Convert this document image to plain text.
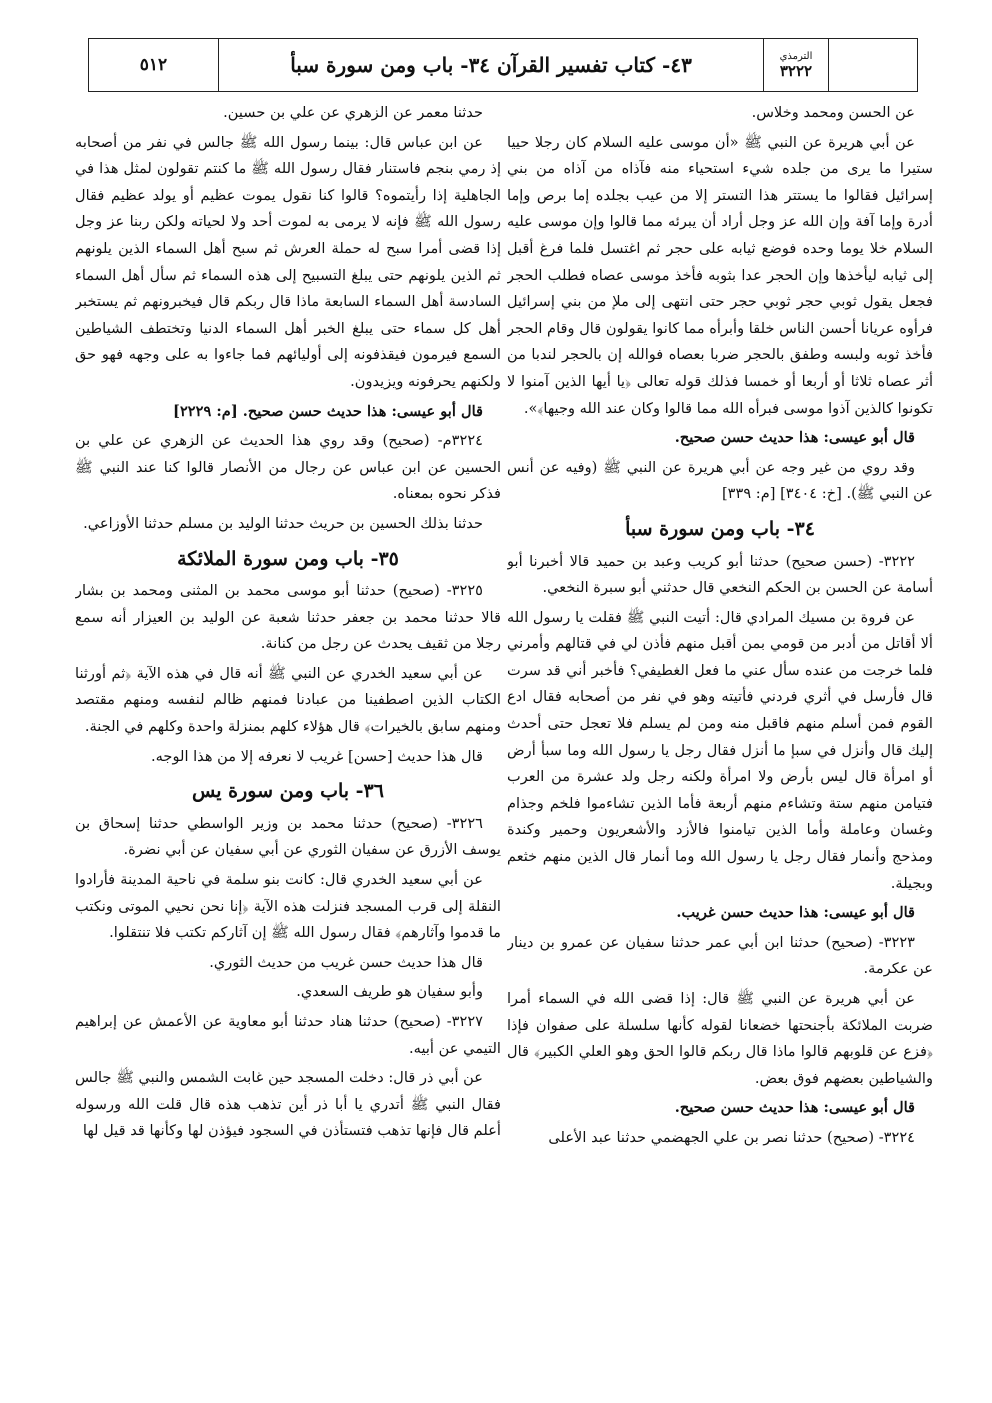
٥١٢	٤٣- كتاب تفسير القرآن ٣٤- باب ومن سورة سبأ	الترمذي
٣٢٢٢

عن الحسن ومحمد وخلاس.

عن أبي هريرة عن النبي ﷺ «أن موسى عليه السلام كان رجلا حييا ستيرا ما يرى من جلده شيء استحياء منه فآذاه من آذاه من بني إسرائيل فقالوا ما يستتر هذا التستر إلا من عيب بجلده إما برص وإما أدرة وإما آفة وإن الله عز وجل أراد أن يبرئه مما قالوا وإن موسى عليه السلام خلا يوما وحده فوضع ثيابه على حجر ثم اغتسل فلما فرغ أقبل إلى ثيابه ليأخذها وإن الحجر عدا بثوبه فأخذ موسى عصاه فطلب الحجر فجعل يقول ثوبي حجر ثوبي حجر حتى انتهى إلى ملإ من بني إسرائيل فرأوه عريانا أحسن الناس خلقا وأبرأه مما كانوا يقولون قال وقام الحجر فأخذ ثوبه ولبسه وطفق بالحجر ضربا بعصاه فوالله إن بالحجر لندبا من أثر عصاه ثلاثا أو أربعا أو خمسا فذلك قوله تعالى ﴿يا أيها الذين آمنوا لا تكونوا كالذين آذوا موسى فبرأه الله مما قالوا وكان عند الله وجيها﴾».

قال أبو عيسى: هذا حديث حسن صحيح.

وقد روي من غير وجه عن أبي هريرة عن النبي ﷺ (وفيه عن أنس عن النبي ﷺ). [خ: ٣٤٠٤] [م: ٣٣٩]

٣٤- باب ومن سورة سبأ

٣٢٢٢- (حسن صحيح) حدثنا أبو كريب وعبد بن حميد قالا أخبرنا أبو أسامة عن الحسن بن الحكم النخعي قال حدثني أبو سبرة النخعي.

عن فروة بن مسيك المرادي قال: أتيت النبي ﷺ فقلت يا رسول الله ألا أقاتل من أدبر من قومي بمن أقبل منهم فأذن لي في قتالهم وأمرني فلما خرجت من عنده سأل عني ما فعل الغطيفي؟ فأخبر أني قد سرت قال فأرسل في أثري فردني فأتيته وهو في نفر من أصحابه فقال ادع القوم فمن أسلم منهم فاقبل منه ومن لم يسلم فلا تعجل حتى أحدث إليك قال وأنزل في سبإ ما أنزل فقال رجل يا رسول الله وما سبأ أرض أو امرأة قال ليس بأرض ولا امرأة ولكنه رجل ولد عشرة من العرب فتيامن منهم ستة وتشاءم منهم أربعة فأما الذين تشاءموا فلخم وجذام وغسان وعاملة وأما الذين تيامنوا فالأزد والأشعريون وحمير وكندة ومذحج وأنمار فقال رجل يا رسول الله وما أنمار قال الذين منهم خثعم وبجيلة.

قال أبو عيسى: هذا حديث حسن غريب.

٣٢٢٣- (صحيح) حدثنا ابن أبي عمر حدثنا سفيان عن عمرو بن دينار عن عكرمة.

عن أبي هريرة عن النبي ﷺ قال: إذا قضى الله في السماء أمرا ضربت الملائكة بأجنحتها خضعانا لقوله كأنها سلسلة على صفوان فإذا ﴿فزع عن قلوبهم قالوا ماذا قال ربكم قالوا الحق وهو العلي الكبير﴾ قال والشياطين بعضهم فوق بعض.

قال أبو عيسى: هذا حديث حسن صحيح.

٣٢٢٤- (صحيح) حدثنا نصر بن علي الجهضمي حدثنا عبد الأعلى

حدثنا معمر عن الزهري عن علي بن حسين.

عن ابن عباس قال: بينما رسول الله ﷺ جالس في نفر من أصحابه إذ رمي بنجم فاستنار فقال رسول الله ﷺ ما كنتم تقولون لمثل هذا في الجاهلية إذا رأيتموه؟ قالوا كنا نقول يموت عظيم أو يولد عظيم فقال رسول الله ﷺ فإنه لا يرمى به لموت أحد ولا لحياته ولكن ربنا عز وجل إذا قضى أمرا سبح له حملة العرش ثم سبح أهل السماء الذين يلونهم ثم الذين يلونهم حتى يبلغ التسبيح إلى هذه السماء ثم سأل أهل السماء السادسة أهل السماء السابعة ماذا قال ربكم قال فيخبرونهم ثم يستخبر أهل كل سماء حتى يبلغ الخبر أهل السماء الدنيا وتختطف الشياطين السمع فيرمون فيقذفونه إلى أوليائهم فما جاءوا به على وجهه فهو حق ولكنهم يحرفونه ويزيدون.

قال أبو عيسى: هذا حديث حسن صحيح. [م: ٢٢٢٩]

٣٢٢٤م- (صحيح) وقد روي هذا الحديث عن الزهري عن علي بن الحسين عن ابن عباس عن رجال من الأنصار قالوا كنا عند النبي ﷺ فذكر نحوه بمعناه.

حدثنا بذلك الحسين بن حريث حدثنا الوليد بن مسلم حدثنا الأوزاعي.

٣٥- باب ومن سورة الملائكة

٣٢٢٥- (صحيح) حدثنا أبو موسى محمد بن المثنى ومحمد بن بشار قالا حدثنا محمد بن جعفر حدثنا شعبة عن الوليد بن العيزار أنه سمع رجلا من ثقيف يحدث عن رجل من كنانة.

عن أبي سعيد الخدري عن النبي ﷺ أنه قال في هذه الآية ﴿ثم أورثنا الكتاب الذين اصطفينا من عبادنا فمنهم ظالم لنفسه ومنهم مقتصد ومنهم سابق بالخيرات﴾ قال هؤلاء كلهم بمنزلة واحدة وكلهم في الجنة.

قال هذا حديث [حسن] غريب لا نعرفه إلا من هذا الوجه.

٣٦- باب ومن سورة يس

٣٢٢٦- (صحيح) حدثنا محمد بن وزير الواسطي حدثنا إسحاق بن يوسف الأزرق عن سفيان الثوري عن أبي سفيان عن أبي نضرة.

عن أبي سعيد الخدري قال: كانت بنو سلمة في ناحية المدينة فأرادوا النقلة إلى قرب المسجد فنزلت هذه الآية ﴿إنا نحن نحيي الموتى ونكتب ما قدموا وآثارهم﴾ فقال رسول الله ﷺ إن آثاركم تكتب فلا تنتقلوا.

قال هذا حديث حسن غريب من حديث الثوري.

وأبو سفيان هو طريف السعدي.

٣٢٢٧- (صحيح) حدثنا هناد حدثنا أبو معاوية عن الأعمش عن إبراهيم التيمي عن أبيه.

عن أبي ذر قال: دخلت المسجد حين غابت الشمس والنبي ﷺ جالس فقال النبي ﷺ أتدري يا أبا ذر أين تذهب هذه قال قلت الله ورسوله أعلم قال فإنها تذهب فتستأذن في السجود فيؤذن لها وكأنها قد قيل لها
